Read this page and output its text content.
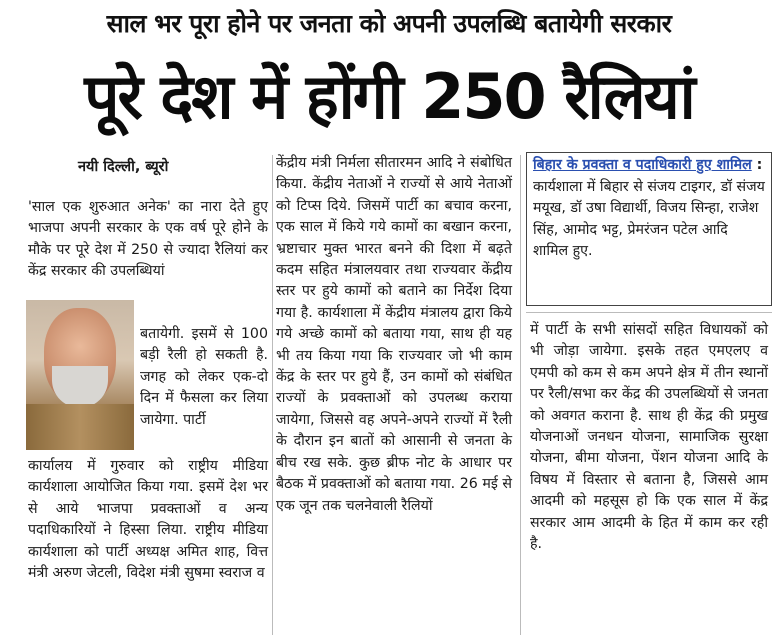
साल भर पूरा होने पर जनता को अपनी उपलब्धि बतायेगी सरकार
पूरे देश में होंगी 250 रैलियां
नयी दिल्ली, ब्यूरो

'साल एक शुरुआत अनेक' का नारा देते हुए भाजपा अपनी सरकार के एक वर्ष पूरे होने के मौके पर पूरे देश में 250 से ज्यादा रैलियां कर केंद्र सरकार की उपलब्धियां

बतायेगी. इसमें से 100 बड़ी रैली हो सकती है. जगह को लेकर एक-दो दिन में फैसला कर लिया जायेगा. पार्टी

कार्यालय में गुरुवार को राष्ट्रीय मीडिया कार्यशाला आयोजित किया गया. इसमें देश भर से आये भाजपा प्रवक्ताओं व अन्य पदाधिकारियों ने हिस्सा लिया. राष्ट्रीय मीडिया कार्यशाला को पार्टी अध्यक्ष अमित शाह, वित्त मंत्री अरुण जेटली, विदेश मंत्री सुषमा स्वराज व

केंद्रीय मंत्री निर्मला सीतारमन आदि ने संबोधित किया. केंद्रीय नेताओं ने राज्यों से आये नेताओं को टिप्स दिये. जिसमें पार्टी का बचाव करना, एक साल में किये गये कामों का बखान करना, भ्रष्टाचार मुक्त भारत बनने की दिशा में बढ़ते कदम सहित मंत्रालयवार तथा राज्यवार केंद्रीय स्तर पर हुये कामों को बताने का निर्देश दिया गया है. कार्यशाला में केंद्रीय मंत्रालय द्वारा किये गये अच्छे कामों को बताया गया, साथ ही यह भी तय किया गया कि राज्यवार जो भी काम केंद्र के स्तर पर हुये हैं, उन कामों को संबंधित राज्यों के प्रवक्ताओं को उपलब्ध कराया जायेगा, जिससे वह अपने-अपने राज्यों में रैली के दौरान इन बातों को आसानी से जनता के बीच रख सके. कुछ ब्रीफ नोट के आधार पर बैठक में प्रवक्ताओं को बताया गया. 26 मई से एक जून तक चलनेवाली रैलियों

बिहार के प्रवक्ता व पदाधिकारी हुए शामिल : कार्यशाला में बिहार से संजय टाइगर, डॉ संजय मयूख, डॉ उषा विद्यार्थी, विजय सिन्हा, राजेश सिंह, आमोद भट्ट, प्रेमरंजन पटेल आदि शामिल हुए.

में पार्टी के सभी सांसदों सहित विधायकों को भी जोड़ा जायेगा. इसके तहत एमएलए व एमपी को कम से कम अपने क्षेत्र में तीन स्थानों पर रैली/सभा कर केंद्र की उपलब्धियों से जनता को अवगत कराना है. साथ ही केंद्र की प्रमुख योजनाओं जनधन योजना, सामाजिक सुरक्षा योजना, बीमा योजना, पेंशन योजना आदि के विषय में विस्तार से बताना है, जिससे आम आदमी को महसूस हो कि एक साल में केंद्र सरकार आम आदमी के हित में काम कर रही है.
